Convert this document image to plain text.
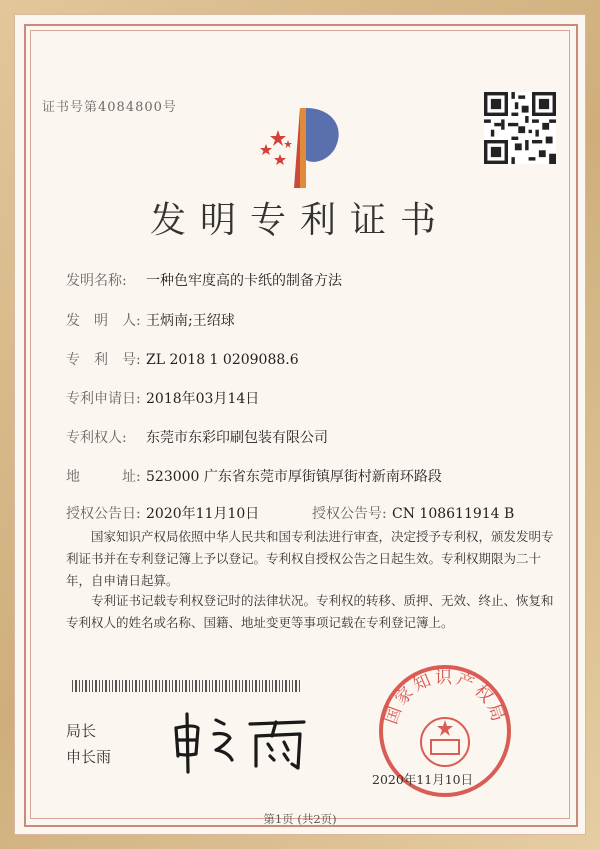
证书号第4084800号
发明专利证书
发明名称: 一种色牢度高的卡纸的制备方法
发　明　人: 王炳南;王绍球
专　利　号: ZL 2018 1 0209088.6
专利申请日: 2018年03月14日
专利权人: 东莞市东彩印刷包装有限公司
地　　　址: 523000 广东省东莞市厚街镇厚街村新南环路段
授权公告日: 2020年11月10日	授权公告号: CN 108611914 B
国家知识产权局依照中华人民共和国专利法进行审查，决定授予专利权，颁发发明专利证书并在专利登记簿上予以登记。专利权自授权公告之日起生效。专利权期限为二十年，自申请日起算。
专利证书记载专利权登记时的法律状况。专利权的转移、质押、无效、终止、恢复和专利权人的姓名或名称、国籍、地址变更等事项记载在专利登记簿上。
局长
申长雨
国家知识产权局
2020年11月10日
第1页 (共2页)
